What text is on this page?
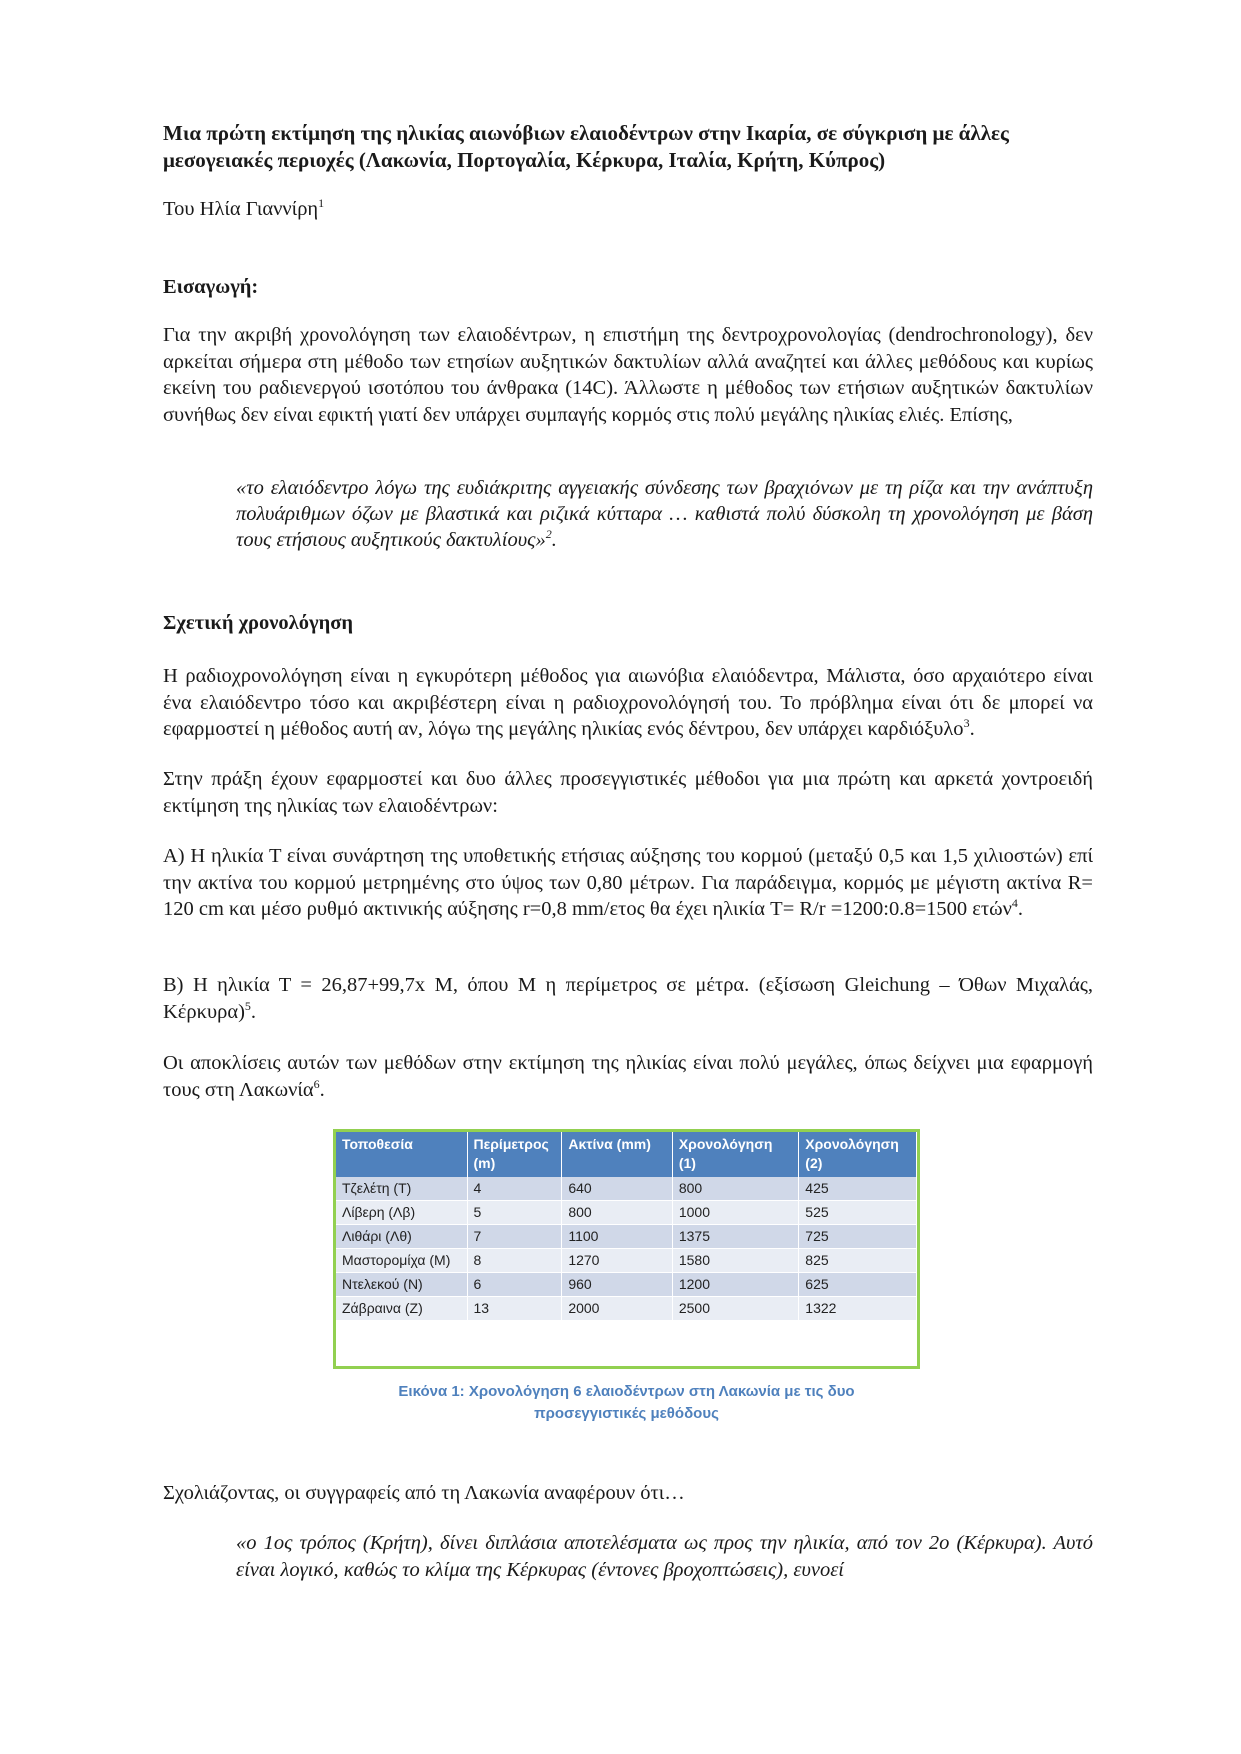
Μια πρώτη εκτίμηση της ηλικίας αιωνόβιων ελαιοδέντρων στην Ικαρία, σε σύγκριση με άλλες μεσογειακές περιοχές (Λακωνία, Πορτογαλία, Κέρκυρα, Ιταλία, Κρήτη, Κύπρος)

Του Ηλία Γιαννίρη$^1$

Εισαγωγή:

Για την ακριβή χρονολόγηση των ελαιοδέντρων, η επιστήμη της δεντροχρονολογίας (dendrochronology), δεν αρκείται σήμερα στη μέθοδο των ετησίων αυξητικών δακτυλίων αλλά αναζητεί και άλλες μεθόδους και κυρίως εκείνη του ραδιενεργού ισοτόπου του άνθρακα (14C). Άλλωστε η μέθοδος των ετήσιων αυξητικών δακτυλίων συνήθως δεν είναι εφικτή γιατί δεν υπάρχει συμπαγής κορμός στις πολύ μεγάλης ηλικίας ελιές. Επίσης,

«το ελαιόδεντρο λόγω της ευδιάκριτης αγγειακής σύνδεσης των βραχιόνων με τη ρίζα και την ανάπτυξη πολυάριθμων όζων με βλαστικά και ριζικά κύτταρα … καθιστά πολύ δύσκολη τη χρονολόγηση με βάση τους ετήσιους αυξητικούς δακτυλίους»$^2$.

Σχετική χρονολόγηση

Η ραδιοχρονολόγηση είναι η εγκυρότερη μέθοδος για αιωνόβια ελαιόδεντρα, Μάλιστα, όσο αρχαιότερο είναι ένα ελαιόδεντρο τόσο και ακριβέστερη είναι η ραδιοχρονολόγησή του. Το πρόβλημα είναι ότι δε μπορεί να εφαρμοστεί η μέθοδος αυτή αν, λόγω της μεγάλης ηλικίας ενός δέντρου, δεν υπάρχει καρδιόξυλο$^3$.

Στην πράξη έχουν εφαρμοστεί και δυο άλλες προσεγγιστικές μέθοδοι για μια πρώτη και αρκετά χοντροειδή εκτίμηση της ηλικίας των ελαιοδέντρων:

Α) Η ηλικία Τ είναι συνάρτηση της υποθετικής ετήσιας αύξησης του κορμού (μεταξύ 0,5 και 1,5 χιλιοστών) επί την ακτίνα του κορμού μετρημένης στο ύψος των 0,80 μέτρων. Για παράδειγμα, κορμός με μέγιστη ακτίνα R= 120 cm και μέσο ρυθμό ακτινικής αύξησης r=0,8 mm/ετος θα έχει ηλικία T= R/r =1200:0.8=1500 ετών$^4$.

Β) Η ηλικία Τ = 26,87+99,7x M, όπου Μ η περίμετρος σε μέτρα. (εξίσωση Gleichung – Όθων Μιχαλάς, Κέρκυρα)$^5$.

Οι αποκλίσεις αυτών των μεθόδων στην εκτίμηση της ηλικίας είναι πολύ μεγάλες, όπως δείχνει μια εφαρμογή τους στη Λακωνία$^6$.

Τοποθεσία	Περίμετρος (m)	Ακτίνα (mm)	Χρονολόγηση (1)	Χρονολόγηση (2)
Τζελέτη (Τ)	4	640	800	425
Λίβερη (Λβ)	5	800	1000	525
Λιθάρι (Λθ)	7	1100	1375	725
Μαστορομίχα (Μ)	8	1270	1580	825
Ντελεκού (Ν)	6	960	1200	625
Ζάβραινα (Ζ)	13	2000	2500	1322
Εικόνα 1: Χρονολόγηση 6 ελαιοδέντρων στη Λακωνία με τις δυο
προσεγγιστικές μεθόδους

Σχολιάζοντας, οι συγγραφείς από τη Λακωνία αναφέρουν ότι…

«ο 1ος τρόπος (Κρήτη), δίνει διπλάσια αποτελέσματα ως προς την ηλικία, από τον 2ο (Κέρκυρα). Αυτό είναι λογικό, καθώς το κλίμα της Κέρκυρας (έντονες βροχοπτώσεις), ευνοεί
